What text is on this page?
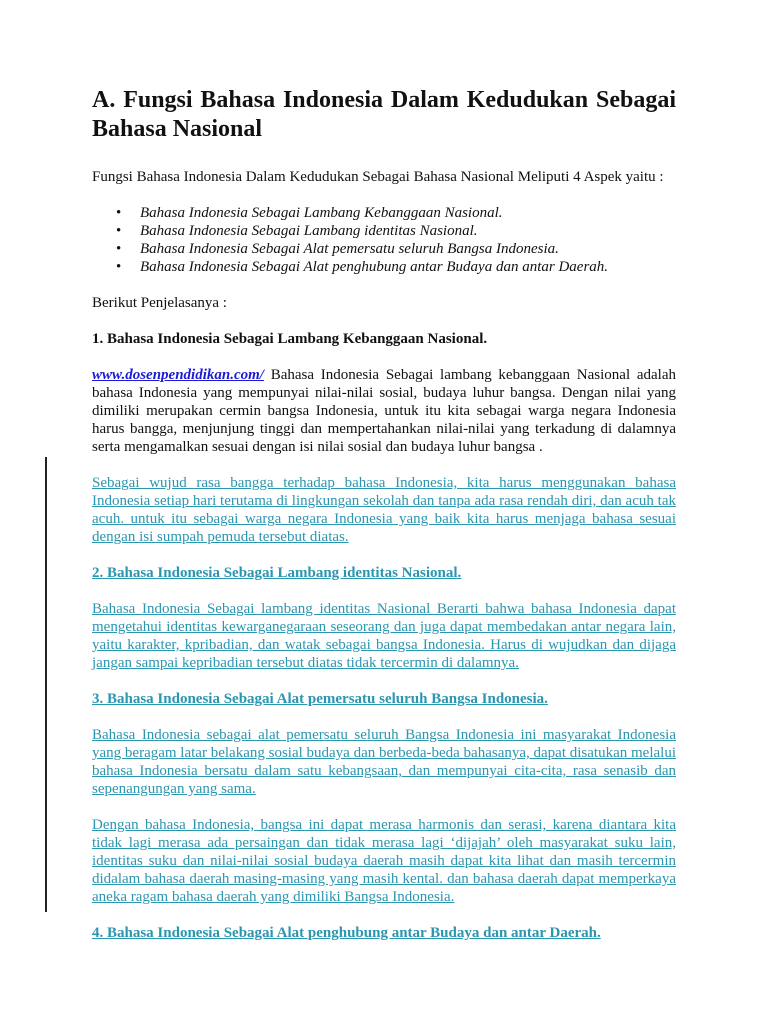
A. Fungsi Bahasa Indonesia Dalam Kedudukan Sebagai Bahasa Nasional

Fungsi Bahasa Indonesia Dalam Kedudukan Sebagai Bahasa Nasional Meliputi 4 Aspek yaitu :

• Bahasa Indonesia Sebagai Lambang Kebanggaan Nasional.
• Bahasa Indonesia Sebagai Lambang identitas Nasional.
• Bahasa Indonesia Sebagai Alat pemersatu seluruh Bangsa Indonesia.
• Bahasa Indonesia Sebagai Alat penghubung antar Budaya dan antar Daerah.

Berikut Penjelasanya :

1. Bahasa Indonesia Sebagai Lambang Kebanggaan Nasional.

www.dosenpendidikan.com/ Bahasa Indonesia Sebagai lambang kebanggaan Nasional adalah bahasa Indonesia yang mempunyai nilai-nilai sosial, budaya luhur bangsa. Dengan nilai yang dimiliki merupakan cermin bangsa Indonesia, untuk itu kita sebagai warga negara Indonesia harus bangga, menjunjung tinggi dan mempertahankan nilai-nilai yang terkadung di dalamnya serta mengamalkan sesuai dengan isi nilai sosial dan budaya luhur bangsa .

Sebagai wujud rasa bangga terhadap bahasa Indonesia, kita harus menggunakan bahasa Indonesia setiap hari terutama di lingkungan sekolah dan tanpa ada rasa rendah diri, dan acuh tak acuh. untuk itu sebagai warga negara Indonesia yang baik kita harus menjaga bahasa sesuai dengan isi sumpah pemuda tersebut diatas.

2. Bahasa Indonesia Sebagai Lambang identitas Nasional.

Bahasa Indonesia Sebagai lambang identitas Nasional Berarti bahwa bahasa Indonesia dapat mengetahui identitas kewarganegaraan seseorang dan juga dapat membedakan antar negara lain, yaitu karakter, kpribadian, dan watak sebagai bangsa Indonesia. Harus di wujudkan dan dijaga jangan sampai kepribadian tersebut diatas tidak tercermin di dalamnya.

3. Bahasa Indonesia Sebagai Alat pemersatu seluruh Bangsa Indonesia.

Bahasa Indonesia sebagai alat pemersatu seluruh Bangsa Indonesia ini masyarakat Indonesia yang beragam latar belakang sosial budaya dan berbeda-beda bahasanya, dapat disatukan melalui bahasa Indonesia bersatu dalam satu kebangsaan, dan mempunyai cita-cita, rasa senasib dan sepenangungan yang sama.

Dengan bahasa Indonesia, bangsa ini dapat merasa harmonis dan serasi, karena diantara kita tidak lagi merasa ada persaingan dan tidak merasa lagi ‘dijajah’ oleh masyarakat suku lain, identitas suku dan nilai-nilai sosial budaya daerah masih dapat kita lihat dan masih tercermin didalam bahasa daerah masing-masing yang masih kental. dan bahasa daerah dapat memperkaya aneka ragam bahasa daerah yang dimiliki Bangsa Indonesia.

4. Bahasa Indonesia Sebagai Alat penghubung antar Budaya dan antar Daerah.
